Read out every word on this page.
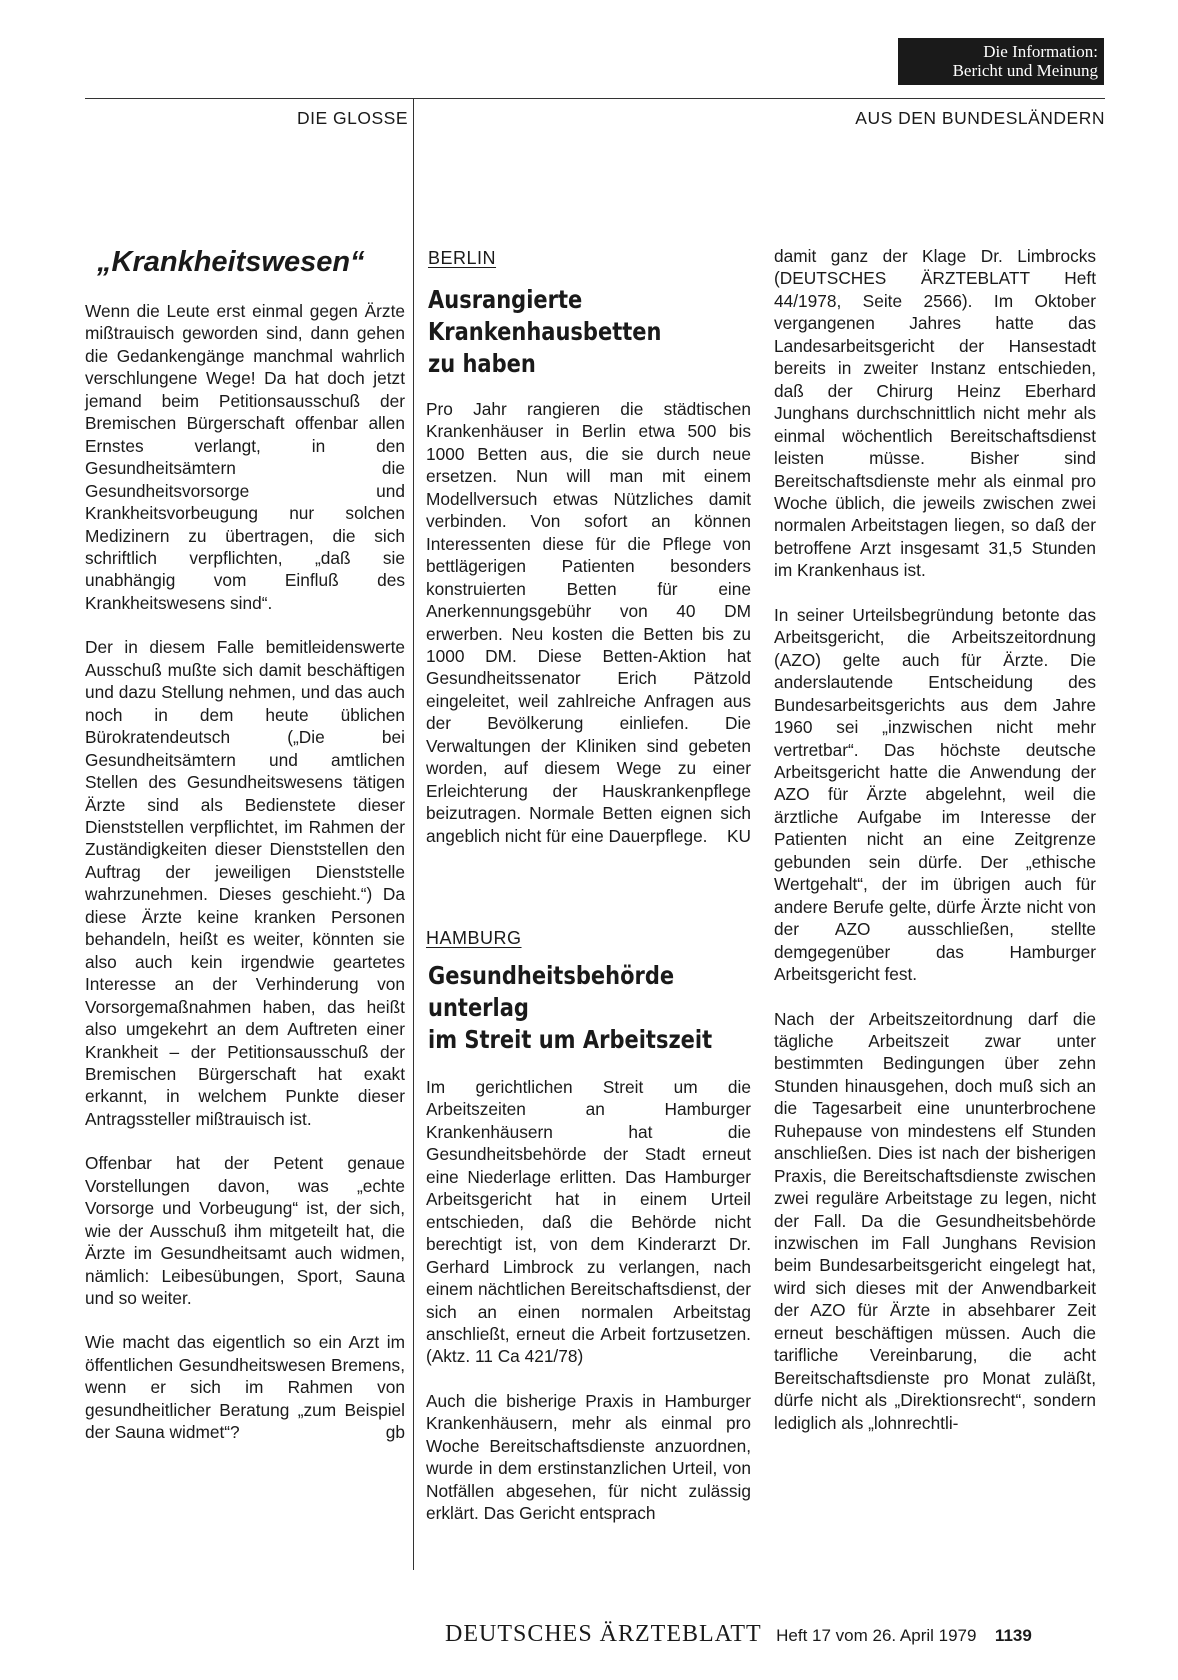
Die Information:
Bericht und Meinung
DIE GLOSSE	AUS DEN BUNDESLÄNDERN
„Krankheitswesen“

Wenn die Leute erst einmal gegen Ärzte mißtrauisch geworden sind, dann gehen die Gedankengänge manchmal wahrlich verschlungene Wege! Da hat doch jetzt jemand beim Petitionsausschuß der Bremischen Bürgerschaft offenbar allen Ernstes verlangt, in den Gesundheitsämtern die Gesundheitsvorsorge und Krankheitsvorbeugung nur solchen Medizinern zu übertragen, die sich schriftlich verpflichten, „daß sie unabhängig vom Einfluß des Krankheitswesens sind“.

Der in diesem Falle bemitleidenswerte Ausschuß mußte sich damit beschäftigen und dazu Stellung nehmen, und das auch noch in dem heute üblichen Bürokratendeutsch („Die bei Gesundheitsämtern und amtlichen Stellen des Gesundheitswesens tätigen Ärzte sind als Bedienstete dieser Dienststellen verpflichtet, im Rahmen der Zuständigkeiten dieser Dienststellen den Auftrag der jeweiligen Dienststelle wahrzunehmen. Dieses geschieht.“) Da diese Ärzte keine kranken Personen behandeln, heißt es weiter, könnten sie also auch kein irgendwie geartetes Interesse an der Verhinderung von Vorsorgemaßnahmen haben, das heißt also umgekehrt an dem Auftreten einer Krankheit – der Petitionsausschuß der Bremischen Bürgerschaft hat exakt erkannt, in welchem Punkte dieser Antragssteller mißtrauisch ist.

Offenbar hat der Petent genaue Vorstellungen davon, was „echte Vorsorge und Vorbeugung“ ist, der sich, wie der Ausschuß ihm mitgeteilt hat, die Ärzte im Gesundheitsamt auch widmen, nämlich: Leibesübungen, Sport, Sauna und so weiter.

Wie macht das eigentlich so ein Arzt im öffentlichen Gesundheitswesen Bremens, wenn er sich im Rahmen von gesundheitlicher Beratung „zum Beispiel der Sauna widmet“?	gb

BERLIN
Ausrangierte
Krankenhausbetten
zu haben

Pro Jahr rangieren die städtischen Krankenhäuser in Berlin etwa 500 bis 1000 Betten aus, die sie durch neue ersetzen. Nun will man mit einem Modellversuch etwas Nützliches damit verbinden. Von sofort an können Interessenten diese für die Pflege von bettlägerigen Patienten besonders konstruierten Betten für eine Anerkennungsgebühr von 40 DM erwerben. Neu kosten die Betten bis zu 1000 DM. Diese Betten-Aktion hat Gesundheitssenator Erich Pätzold eingeleitet, weil zahlreiche Anfragen aus der Bevölkerung einliefen. Die Verwaltungen der Kliniken sind gebeten worden, auf diesem Wege zu einer Erleichterung der Hauskrankenpflege beizutragen. Normale Betten eignen sich angeblich nicht für eine Dauerpflege. KU

HAMBURG
Gesundheitsbehörde
unterlag
im Streit um Arbeitszeit

Im gerichtlichen Streit um die Arbeitszeiten an Hamburger Krankenhäusern hat die Gesundheitsbehörde der Stadt erneut eine Niederlage erlitten. Das Hamburger Arbeitsgericht hat in einem Urteil entschieden, daß die Behörde nicht berechtigt ist, von dem Kinderarzt Dr. Gerhard Limbrock zu verlangen, nach einem nächtlichen Bereitschaftsdienst, der sich an einen normalen Arbeitstag anschließt, erneut die Arbeit fortzusetzen. (Aktz. 11 Ca 421/78)

Auch die bisherige Praxis in Hamburger Krankenhäusern, mehr als einmal pro Woche Bereitschaftsdienste anzuordnen, wurde in dem erstinstanzlichen Urteil, von Notfällen abgesehen, für nicht zulässig erklärt. Das Gericht entsprach

damit ganz der Klage Dr. Limbrocks (DEUTSCHES ÄRZTEBLATT Heft 44/1978, Seite 2566). Im Oktober vergangenen Jahres hatte das Landesarbeitsgericht der Hansestadt bereits in zweiter Instanz entschieden, daß der Chirurg Heinz Eberhard Junghans durchschnittlich nicht mehr als einmal wöchentlich Bereitschaftsdienst leisten müsse. Bisher sind Bereitschaftsdienste mehr als einmal pro Woche üblich, die jeweils zwischen zwei normalen Arbeitstagen liegen, so daß der betroffene Arzt insgesamt 31,5 Stunden im Krankenhaus ist.

In seiner Urteilsbegründung betonte das Arbeitsgericht, die Arbeitszeitordnung (AZO) gelte auch für Ärzte. Die anderslautende Entscheidung des Bundesarbeitsgerichts aus dem Jahre 1960 sei „inzwischen nicht mehr vertretbar“. Das höchste deutsche Arbeitsgericht hatte die Anwendung der AZO für Ärzte abgelehnt, weil die ärztliche Aufgabe im Interesse der Patienten nicht an eine Zeitgrenze gebunden sein dürfe. Der „ethische Wertgehalt“, der im übrigen auch für andere Berufe gelte, dürfe Ärzte nicht von der AZO ausschließen, stellte demgegenüber das Hamburger Arbeitsgericht fest.

Nach der Arbeitszeitordnung darf die tägliche Arbeitszeit zwar unter bestimmten Bedingungen über zehn Stunden hinausgehen, doch muß sich an die Tagesarbeit eine ununterbrochene Ruhepause von mindestens elf Stunden anschließen. Dies ist nach der bisherigen Praxis, die Bereitschaftsdienste zwischen zwei reguläre Arbeitstage zu legen, nicht der Fall. Da die Gesundheitsbehörde inzwischen im Fall Junghans Revision beim Bundesarbeitsgericht eingelegt hat, wird sich dieses mit der Anwendbarkeit der AZO für Ärzte in absehbarer Zeit erneut beschäftigen müssen. Auch die tarifliche Vereinbarung, die acht Bereitschaftsdienste pro Monat zuläßt, dürfe nicht als „Direktionsrecht“, sondern lediglich als „lohnrechtli-

DEUTSCHES ÄRZTEBLATT Heft 17 vom 26. April 1979 1139
